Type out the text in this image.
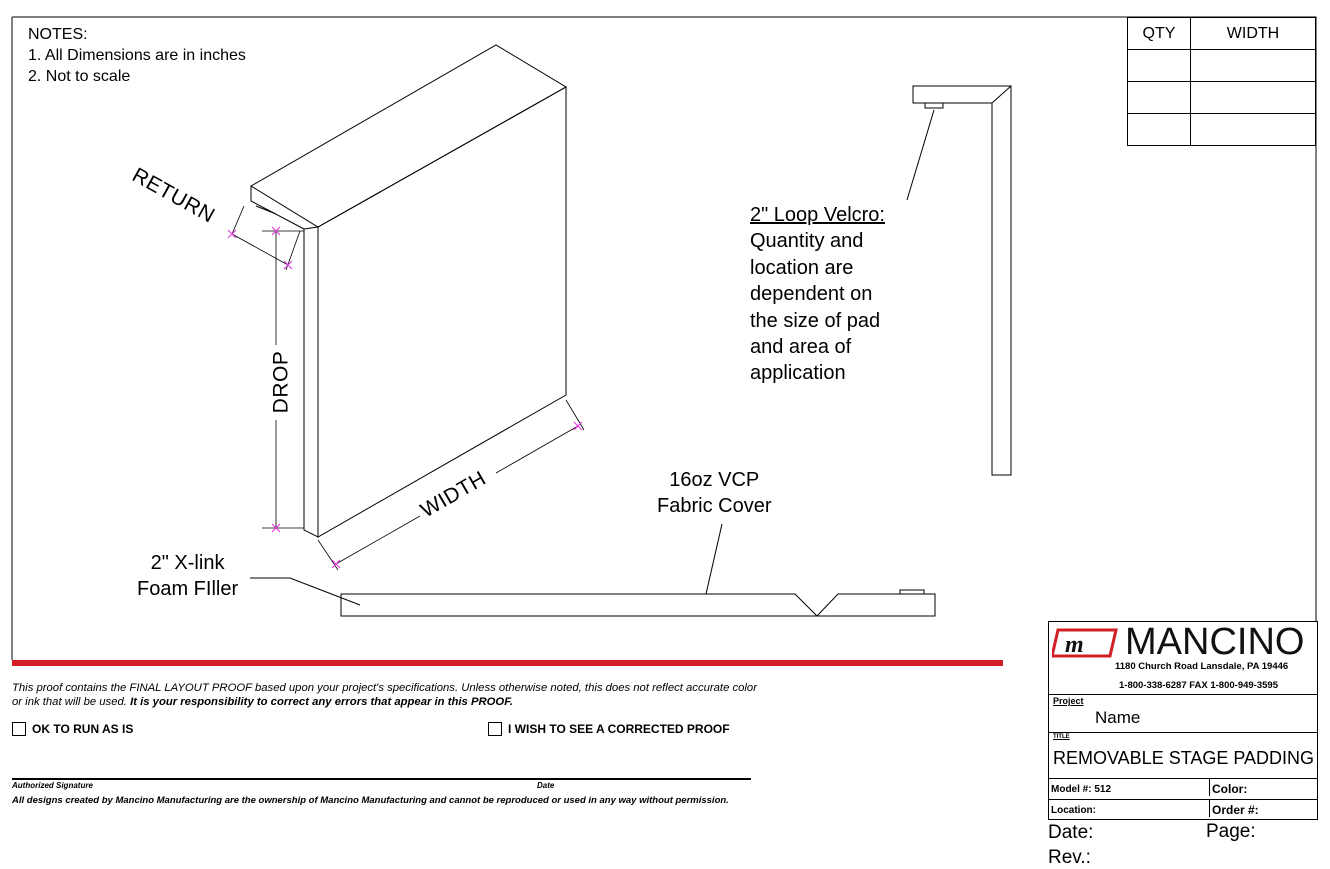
NOTES:
1. All Dimensions are in inches
2. Not to scale
QTY	WIDTH

RETURN
DROP
WIDTH
2" X-link
Foam FIller
16oz VCP
Fabric Cover
2" Loop Velcro:
Quantity and
location are
dependent on
the size of pad
and area of
application
This proof contains the FINAL LAYOUT PROOF based upon your project's specifications. Unless otherwise noted, this does not reflect accurate color or ink that will be used. It is your responsibility to correct any errors that appear in this PROOF.
OK TO RUN AS IS	I WISH TO SEE A CORRECTED PROOF
Authorized Signature	Date
All designs created by Mancino Manufacturing are the ownership of Mancino Manufacturing and cannot be reproduced or used in any way without permission.
m MANCINO
1180 Church Road Lansdale, PA 19446
1-800-338-6287 FAX 1-800-949-3595
Project
Name
TITLE
REMOVABLE STAGE PADDING
Model #: 512	Color:
Location:	Order #:
Date:	Page:
Rev.:
